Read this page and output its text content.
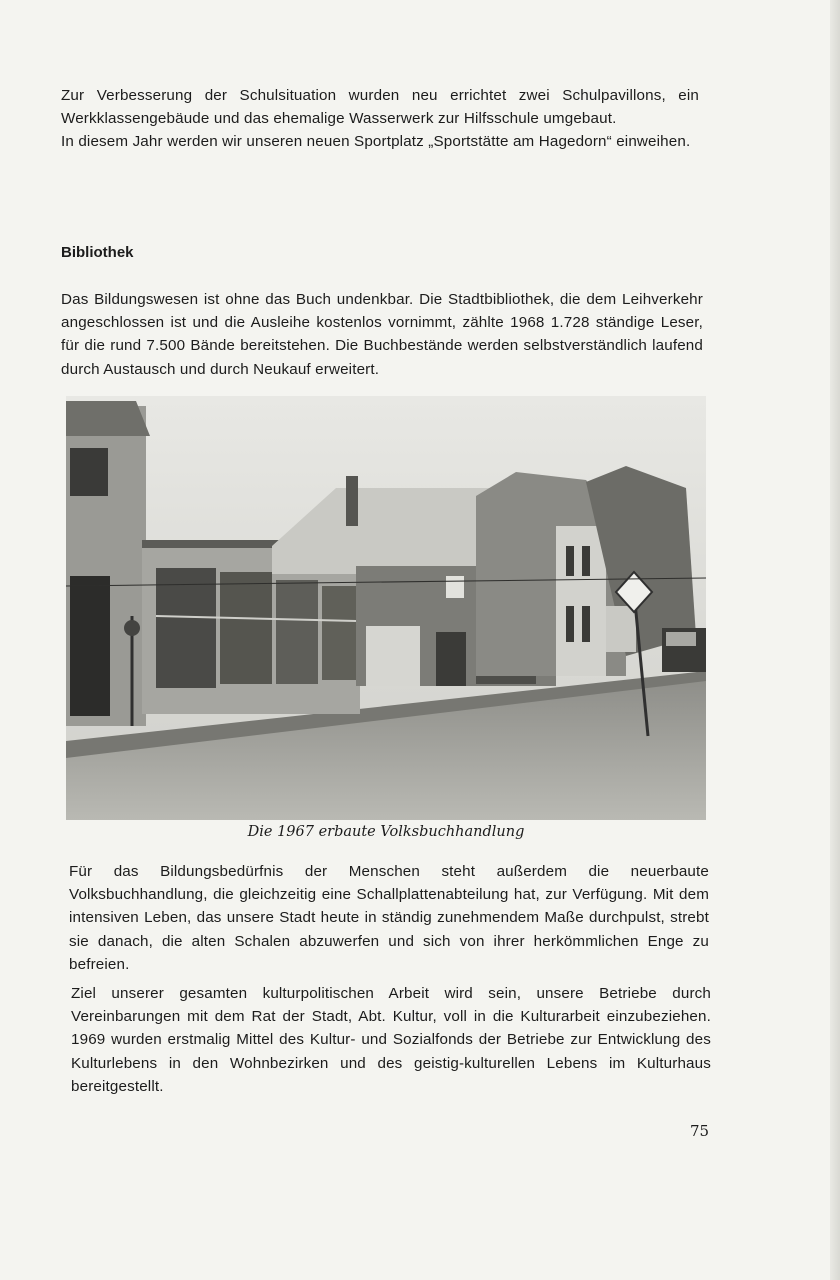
Zur Verbesserung der Schulsituation wurden neu errichtet zwei Schulpavillons, ein Werkklassengebäude und das ehemalige Wasserwerk zur Hilfsschule umgebaut.
In diesem Jahr werden wir unseren neuen Sportplatz „Sportstätte am Hagedorn“ einweihen.

Bibliothek

Das Bildungswesen ist ohne das Buch undenkbar. Die Stadtbibliothek, die dem Leihverkehr angeschlossen ist und die Ausleihe kostenlos vornimmt, zählte 1968 1.728 ständige Leser, für die rund 7.500 Bände bereitstehen. Die Buchbestände werden selbstverständlich laufend durch Austausch und durch Neukauf erweitert.

Die 1967 erbaute Volksbuchhandlung

Für das Bildungsbedürfnis der Menschen steht außerdem die neuerbaute Volksbuchhandlung, die gleichzeitig eine Schallplattenabteilung hat, zur Verfügung. Mit dem intensiven Leben, das unsere Stadt heute in ständig zunehmendem Maße durchpulst, strebt sie danach, die alten Schalen abzuwerfen und sich von ihrer herkömmlichen Enge zu befreien.

Ziel unserer gesamten kulturpolitischen Arbeit wird sein, unsere Betriebe durch Vereinbarungen mit dem Rat der Stadt, Abt. Kultur, voll in die Kulturarbeit einzubeziehen. 1969 wurden erstmalig Mittel des Kultur- und Sozialfonds der Betriebe zur Entwicklung des Kulturlebens in den Wohnbezirken und des geistig-kulturellen Lebens im Kulturhaus bereitgestellt.

75
